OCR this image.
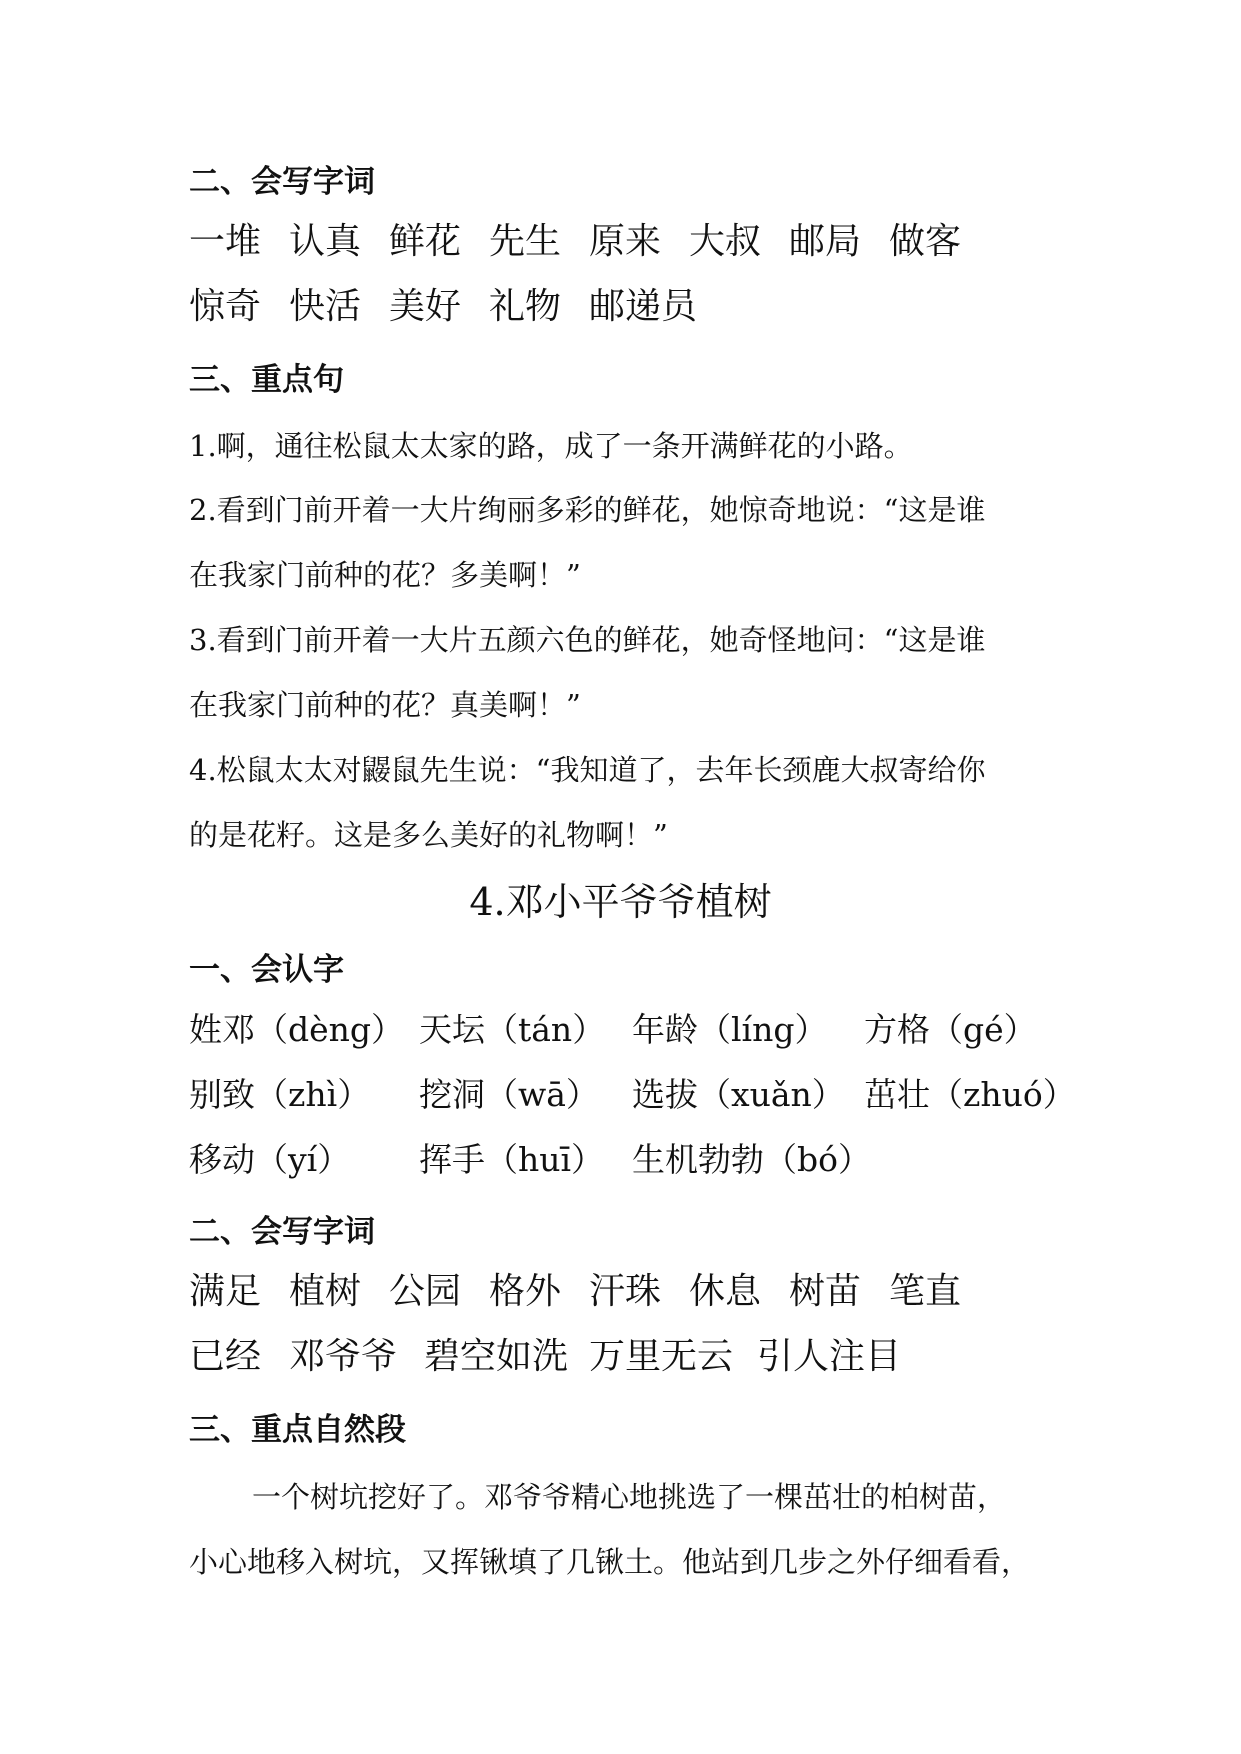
二、会写字词
一堆 认真 鲜花 先生 原来 大叔 邮局 做客
惊奇 快活 美好 礼物 邮递员
三、重点句
1.啊，通往松鼠太太家的路，成了一条开满鲜花的小路。
2.看到门前开着一大片绚丽多彩的鲜花，她惊奇地说：“这是谁
在我家门前种的花？多美啊！”
3.看到门前开着一大片五颜六色的鲜花，她奇怪地问：“这是谁
在我家门前种的花？真美啊！”
4.松鼠太太对鼹鼠先生说：“我知道了，去年长颈鹿大叔寄给你
的是花籽。这是多么美好的礼物啊！”
4.邓小平爷爷植树
一、会认字
姓邓（dèng） 天坛（tán） 年龄（líng） 方格（gé）
别致（zhì） 挖洞（wā） 选拔（xuǎn） 茁壮（zhuó）
移动（yí） 挥手（huī） 生机勃勃（bó）
二、会写字词
满足 植树 公园 格外 汗珠 休息 树苗 笔直
已经 邓爷爷 碧空如洗 万里无云 引人注目
三、重点自然段
一个树坑挖好了。邓爷爷精心地挑选了一棵茁壮的柏树苗，
小心地移入树坑，又挥锹填了几锹土。他站到几步之外仔细看看，
